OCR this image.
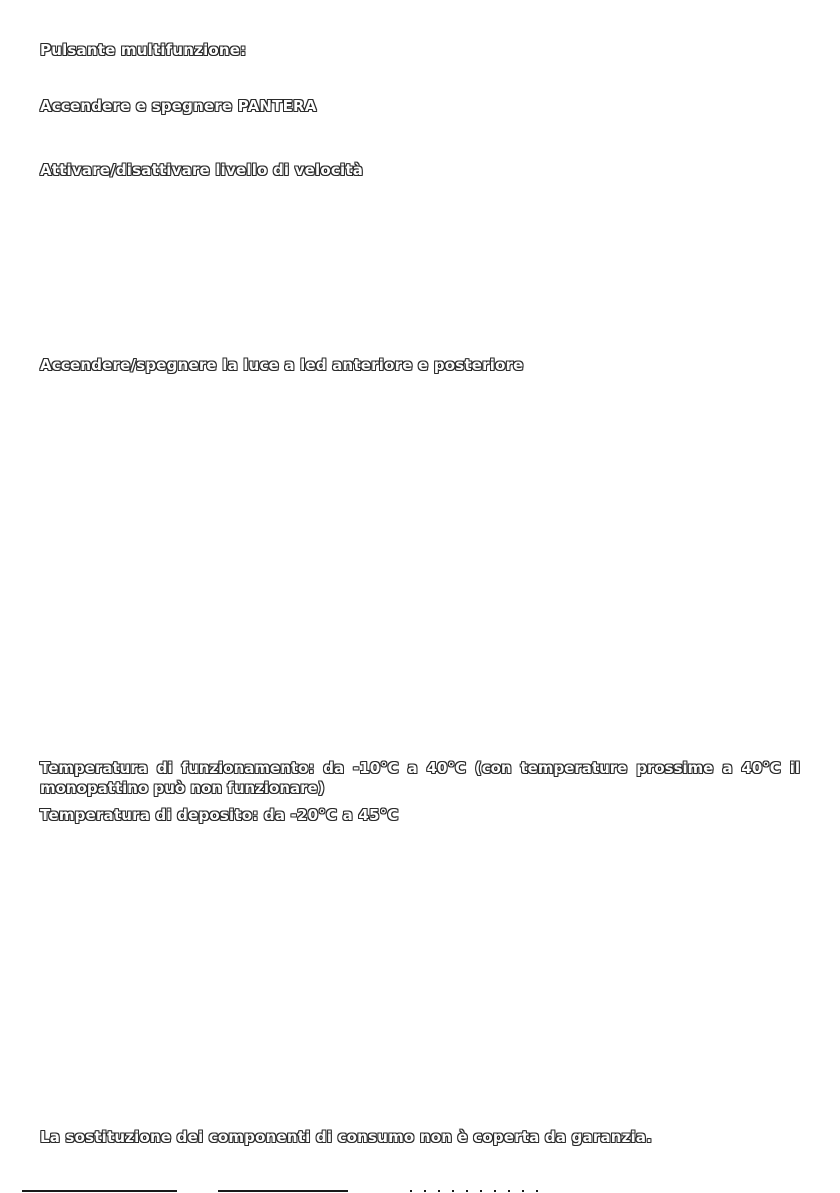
Pulsante multifunzione:

Accendere e spegnere PANTERA

Attivare/disattivare livello di velocità

Accendere/spegnere la luce a led anteriore e posteriore

Temperatura di funzionamento: da -10°C a 40°C (con temperature prossime a 40°C il monopattino può non funzionare)

Temperatura di deposito: da -20°C a 45°C

La sostituzione dei componenti di consumo non è coperta da garanzia.
